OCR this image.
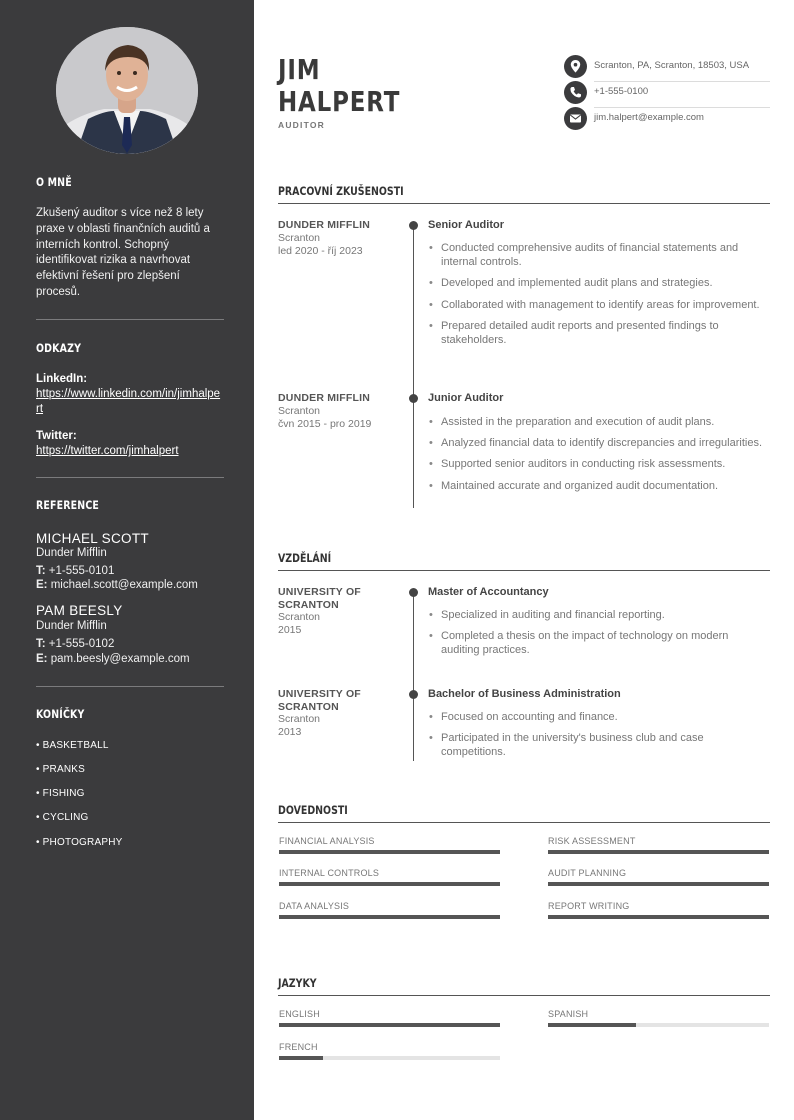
O MNĚ
Zkušený auditor s více než 8 lety praxe v oblasti finančních auditů a interních kontrol. Schopný identifikovat rizika a navrhovat efektivní řešení pro zlepšení procesů.
ODKAZY
LinkedIn:
https://www.linkedin.com/in/jimhalpert
Twitter:
https://twitter.com/jimhalpert
REFERENCE
MICHAEL SCOTT
Dunder Mifflin
T: +1-555-0101
E: michael.scott@example.com
PAM BEESLY
Dunder Mifflin
T: +1-555-0102
E: pam.beesly@example.com
KONÍČKY
• BASKETBALL
• PRANKS
• FISHING
• CYCLING
• PHOTOGRAPHY
JIM
HALPERT
AUDITOR
Scranton, PA, Scranton, 18503, USA
+1-555-0100
jim.halpert@example.com
PRACOVNÍ ZKUŠENOSTI
DUNDER MIFFLIN
Scranton
led 2020 - říj 2023
Senior Auditor
• Conducted comprehensive audits of financial statements and internal controls.
• Developed and implemented audit plans and strategies.
• Collaborated with management to identify areas for improvement.
• Prepared detailed audit reports and presented findings to stakeholders.
DUNDER MIFFLIN
Scranton
čvn 2015 - pro 2019
Junior Auditor
• Assisted in the preparation and execution of audit plans.
• Analyzed financial data to identify discrepancies and irregularities.
• Supported senior auditors in conducting risk assessments.
• Maintained accurate and organized audit documentation.
VZDĚLÁNÍ
UNIVERSITY OF SCRANTON
Scranton
2015
Master of Accountancy
• Specialized in auditing and financial reporting.
• Completed a thesis on the impact of technology on modern auditing practices.
UNIVERSITY OF SCRANTON
Scranton
2013
Bachelor of Business Administration
• Focused on accounting and finance.
• Participated in the university's business club and case competitions.
DOVEDNOSTI
FINANCIAL ANALYSIS	RISK ASSESSMENT
INTERNAL CONTROLS	AUDIT PLANNING
DATA ANALYSIS	REPORT WRITING
JAZYKY
ENGLISH	SPANISH
FRENCH
